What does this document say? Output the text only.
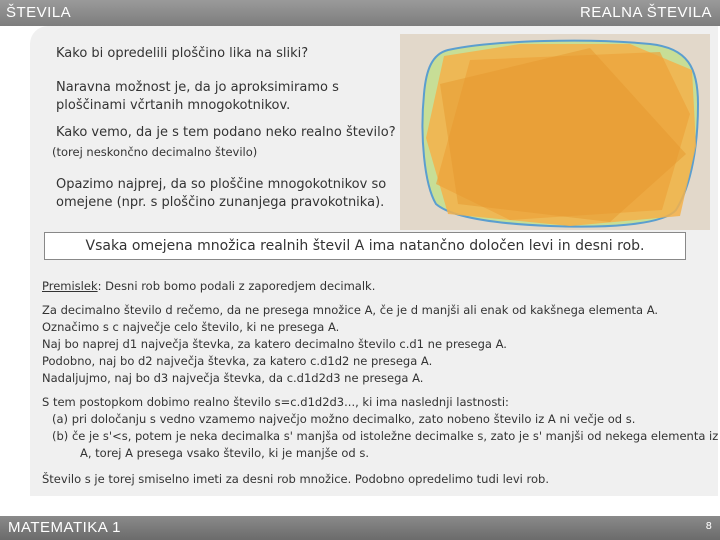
ŠTEVILA	REALNA ŠTEVILA
Kako bi opredelili ploščino lika na sliki?
Naravna možnost je, da jo aproksimiramo s ploščinami včrtanih mnogokotnikov.
Kako vemo, da je s tem podano neko realno število?
(torej neskončno decimalno število)
Opazimo najprej, da so ploščine mnogokotnikov so omejene (npr. s ploščino zunanjega pravokotnika).
Vsaka omejena množica realnih števil A ima natančno določen levi in desni rob.
Premislek: Desni rob bomo podali z zaporedjem decimalk.
Za decimalno število d rečemo, da ne presega množice A, če je d manjši ali enak od kakšnega elementa A.
Označimo s c največje celo število, ki ne presega A.
Naj bo naprej d1 največja števka, za katero decimalno število c.d1 ne presega A.
Podobno, naj bo d2 največja števka, za katero c.d1d2 ne presega A.
Nadaljujmo, naj bo d3 največja števka, da c.d1d2d3 ne presega A.
S tem postopkom dobimo realno število s=c.d1d2d3..., ki ima naslednji lastnosti:
(a) pri določanju s vedno vzamemo največjo možno decimalko, zato nobeno število iz A ni večje od s.
(b) če je s'<s, potem je neka decimalka s' manjša od istoležne decimalke s, zato je s' manjši od nekega elementa iz A, torej A presega vsako število, ki je manjše od s.
Število s je torej smiselno imeti za desni rob množice. Podobno opredelimo tudi levi rob.
MATEMATIKA 1	8
